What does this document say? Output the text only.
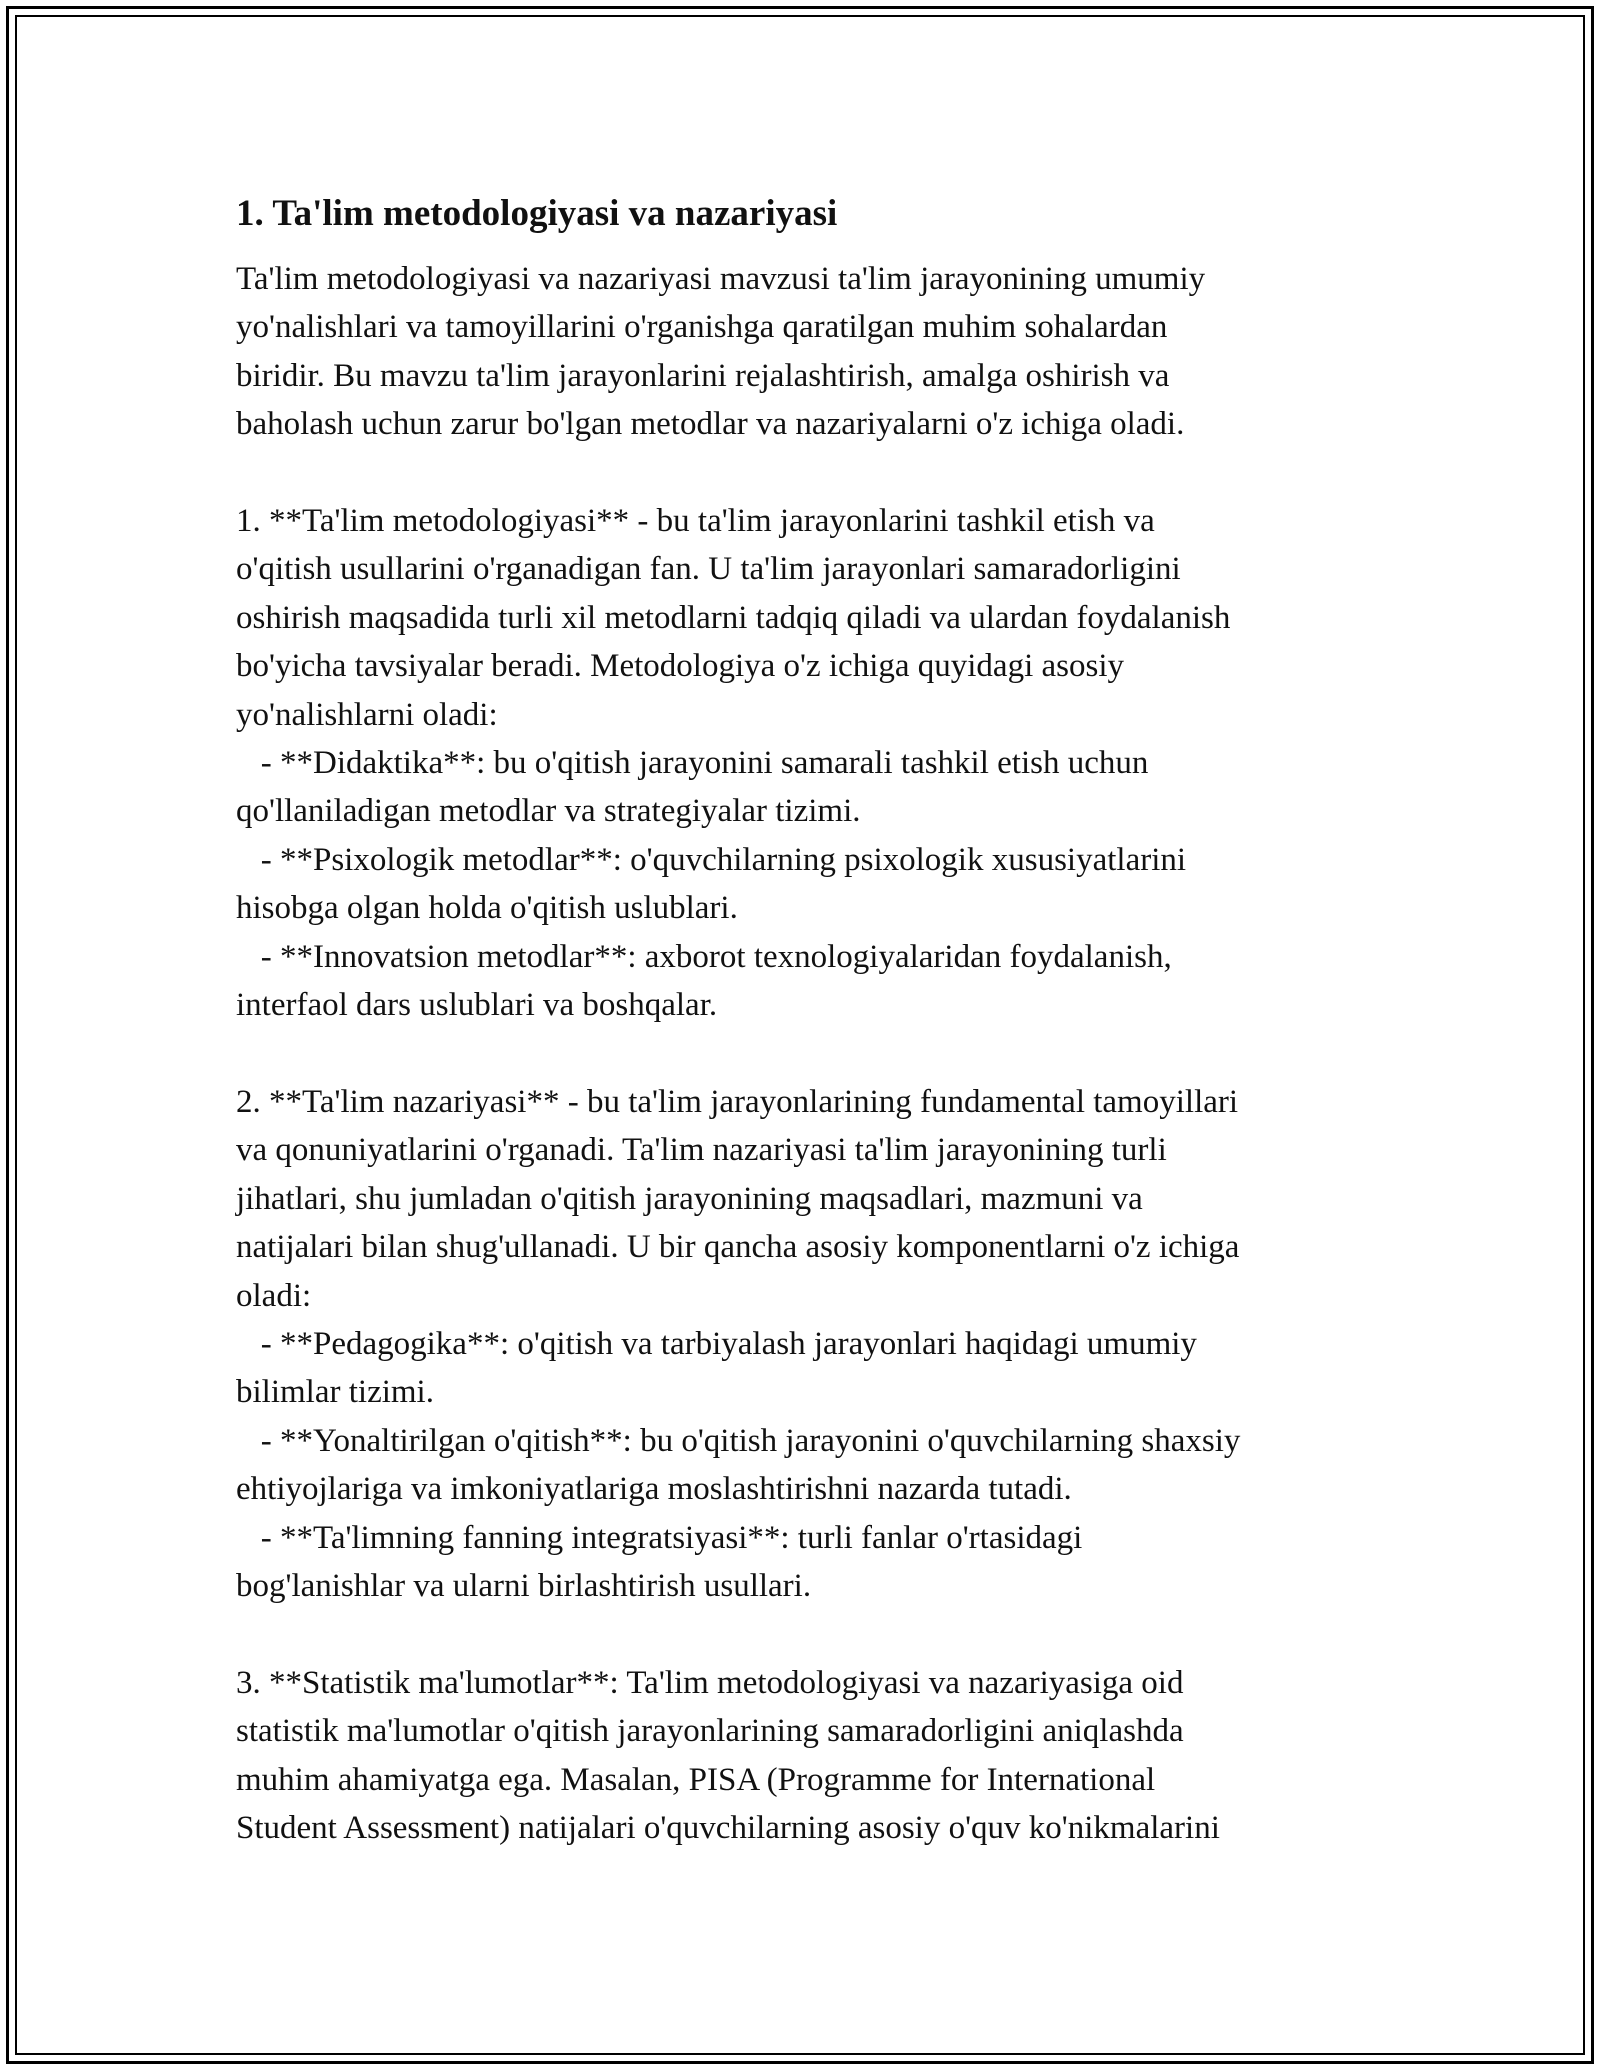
1. Ta'lim metodologiyasi va nazariyasi

Ta'lim metodologiyasi va nazariyasi mavzusi ta'lim jarayonining umumiy
yo'nalishlari va tamoyillarini o'rganishga qaratilgan muhim sohalardan
biridir. Bu mavzu ta'lim jarayonlarini rejalashtirish, amalga oshirish va
baholash uchun zarur bo'lgan metodlar va nazariyalarni o'z ichiga oladi.

1. **Ta'lim metodologiyasi** - bu ta'lim jarayonlarini tashkil etish va
o'qitish usullarini o'rganadigan fan. U ta'lim jarayonlari samaradorligini
oshirish maqsadida turli xil metodlarni tadqiq qiladi va ulardan foydalanish
bo'yicha tavsiyalar beradi. Metodologiya o'z ichiga quyidagi asosiy
yo'nalishlarni oladi:
- **Didaktika**: bu o'qitish jarayonini samarali tashkil etish uchun
qo'llaniladigan metodlar va strategiyalar tizimi.
- **Psixologik metodlar**: o'quvchilarning psixologik xususiyatlarini
hisobga olgan holda o'qitish uslublari.
- **Innovatsion metodlar**: axborot texnologiyalaridan foydalanish,
interfaol dars uslublari va boshqalar.

2. **Ta'lim nazariyasi** - bu ta'lim jarayonlarining fundamental tamoyillari
va qonuniyatlarini o'rganadi. Ta'lim nazariyasi ta'lim jarayonining turli
jihatlari, shu jumladan o'qitish jarayonining maqsadlari, mazmuni va
natijalari bilan shug'ullanadi. U bir qancha asosiy komponentlarni o'z ichiga
oladi:
- **Pedagogika**: o'qitish va tarbiyalash jarayonlari haqidagi umumiy
bilimlar tizimi.
- **Yonaltirilgan o'qitish**: bu o'qitish jarayonini o'quvchilarning shaxsiy
ehtiyojlariga va imkoniyatlariga moslashtirishni nazarda tutadi.
- **Ta'limning fanning integratsiyasi**: turli fanlar o'rtasidagi
bog'lanishlar va ularni birlashtirish usullari.

3. **Statistik ma'lumotlar**: Ta'lim metodologiyasi va nazariyasiga oid
statistik ma'lumotlar o'qitish jarayonlarining samaradorligini aniqlashda
muhim ahamiyatga ega. Masalan, PISA (Programme for International
Student Assessment) natijalari o'quvchilarning asosiy o'quv ko'nikmalarini
